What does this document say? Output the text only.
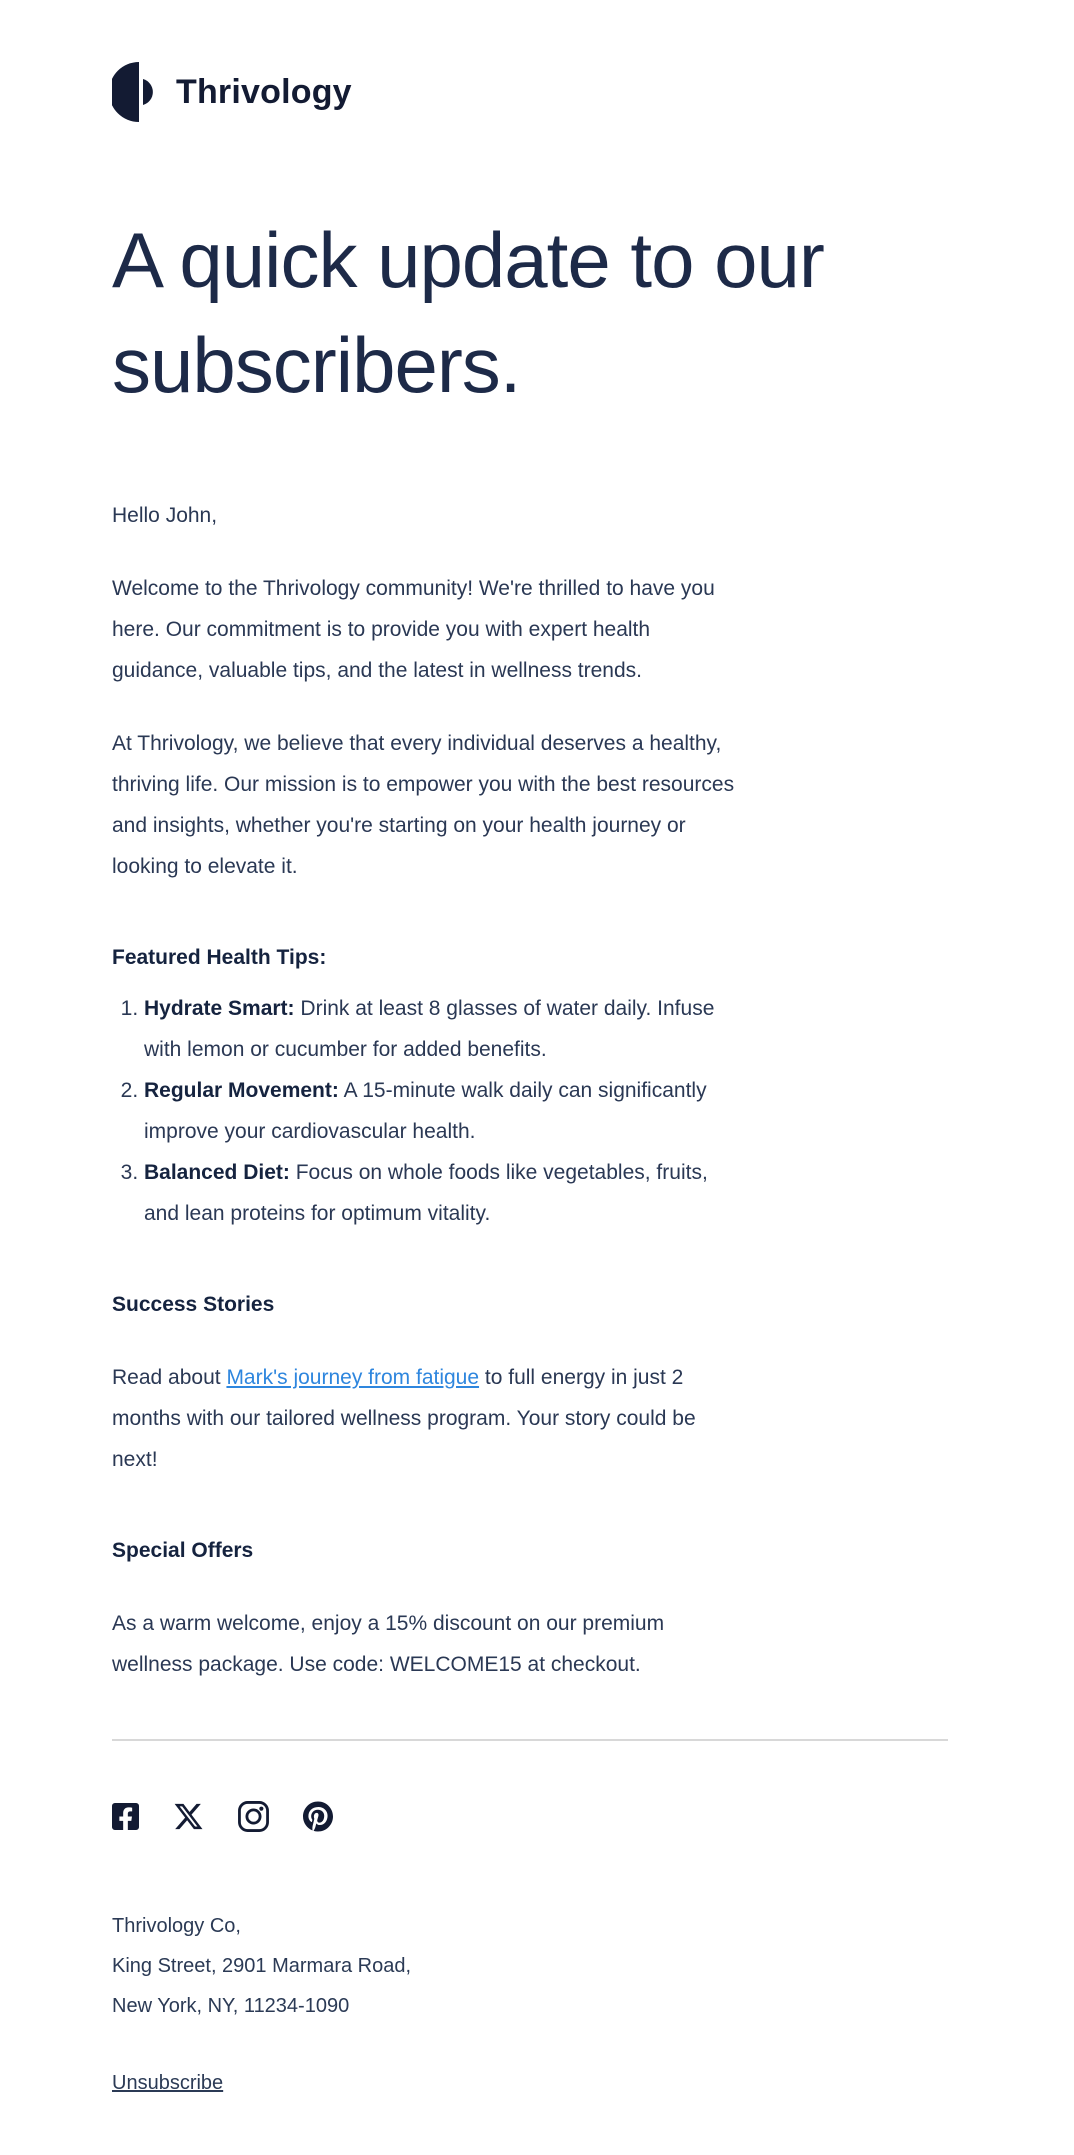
Thrivology
A quick update to our subscribers.

Hello John,

Welcome to the Thrivology community! We're thrilled to have you here. Our commitment is to provide you with expert health guidance, valuable tips, and the latest in wellness trends.

At Thrivology, we believe that every individual deserves a healthy, thriving life. Our mission is to empower you with the best resources and insights, whether you're starting on your health journey or looking to elevate it.

Featured Health Tips:
1. Hydrate Smart: Drink at least 8 glasses of water daily. Infuse with lemon or cucumber for added benefits.
2. Regular Movement: A 15-minute walk daily can significantly improve your cardiovascular health.
3. Balanced Diet: Focus on whole foods like vegetables, fruits, and lean proteins for optimum vitality.
Success Stories

Read about Mark's journey from fatigue to full energy in just 2 months with our tailored wellness program. Your story could be next!

Special Offers

As a warm welcome, enjoy a 15% discount on our premium wellness package. Use code: WELCOME15 at checkout.

Thrivology Co,
King Street, 2901 Marmara Road,
New York, NY, 11234-1090
Unsubscribe
